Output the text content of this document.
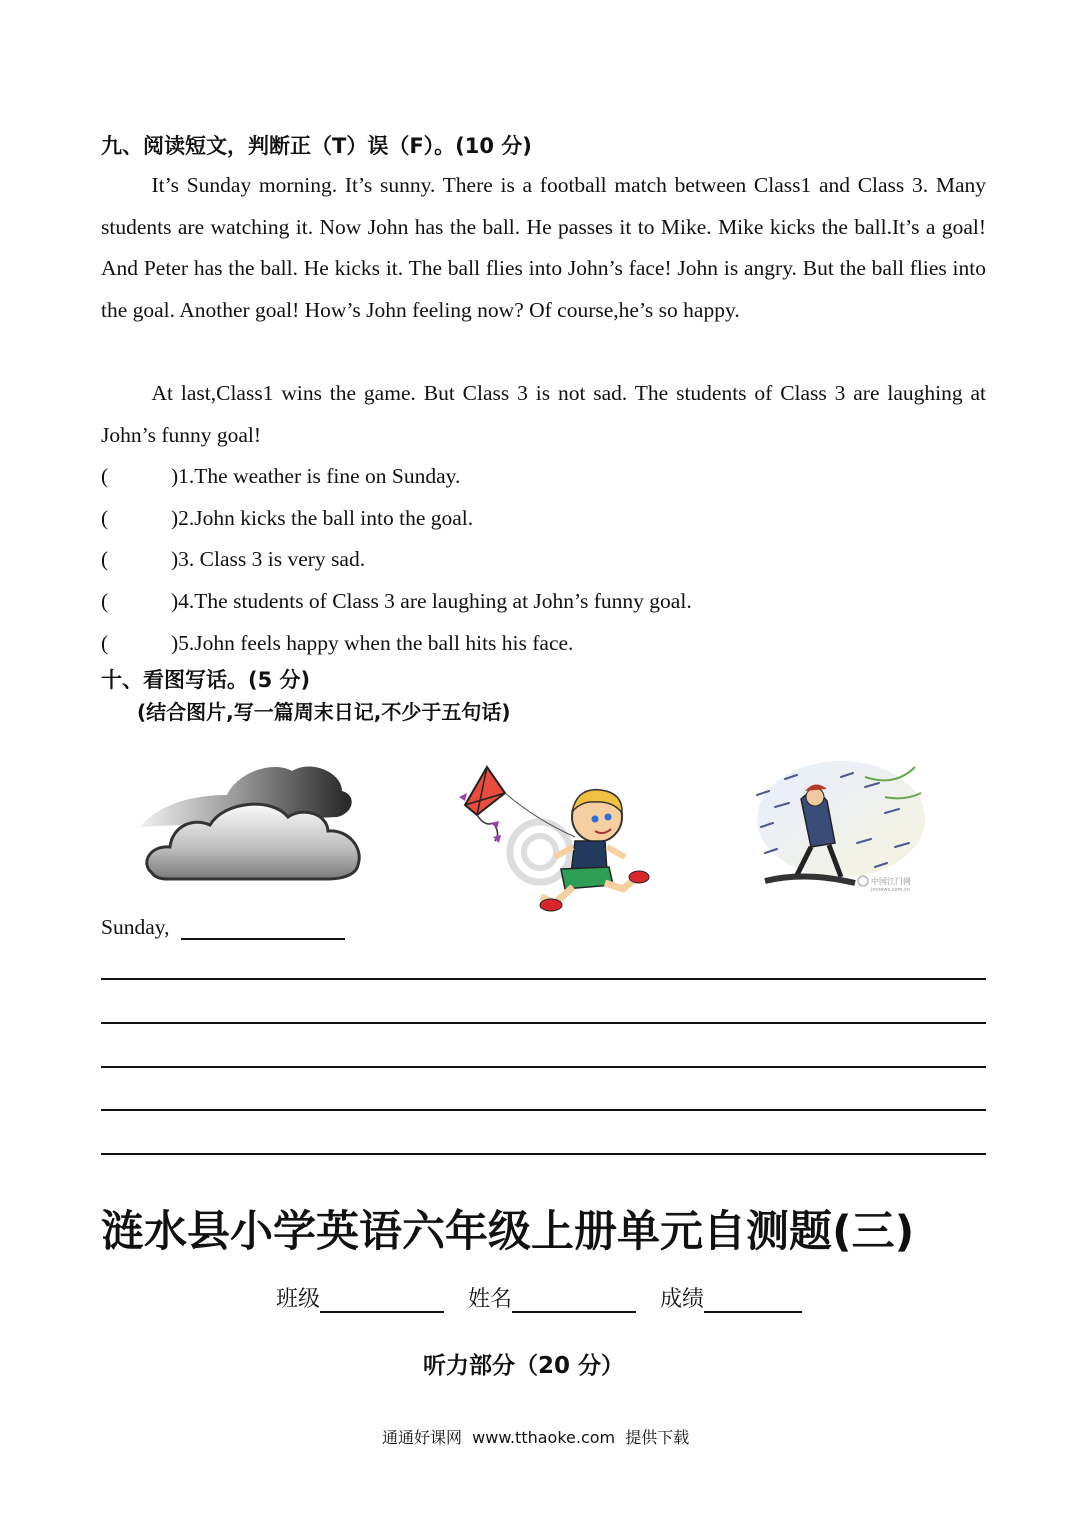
九、阅读短文，判断正（T）误（F）。(10 分)

It’s Sunday morning. It’s sunny. There is a football match between Class1 and Class 3. Many students are watching it. Now John has the ball. He passes it to Mike. Mike kicks the ball.It’s a goal! And Peter has the ball. He kicks it. The ball flies into John’s face! John is angry. But the ball flies into the goal. Another goal! How’s John feeling now? Of course,he’s so happy.

At last,Class1 wins the game. But Class 3 is not sad. The students of Class 3 are laughing at John’s funny goal!

(	)1.The weather is fine on Sunday.
(	)2.John kicks the ball into the goal.
(	)3. Class 3 is very sad.
(	)4.The students of Class 3 are laughing at John’s funny goal.
(	)5.John feels happy when the ball hits his face.
十、看图写话。(5 分)
(结合图片,写一篇周末日记,不少于五句话)
中国江门网
jmnews.com.cn
Sunday,
涟水县小学英语六年级上册单元自测题(三)
班级	姓名	成绩
听力部分（20 分）
通通好课网  www.tthaoke.com  提供下载
